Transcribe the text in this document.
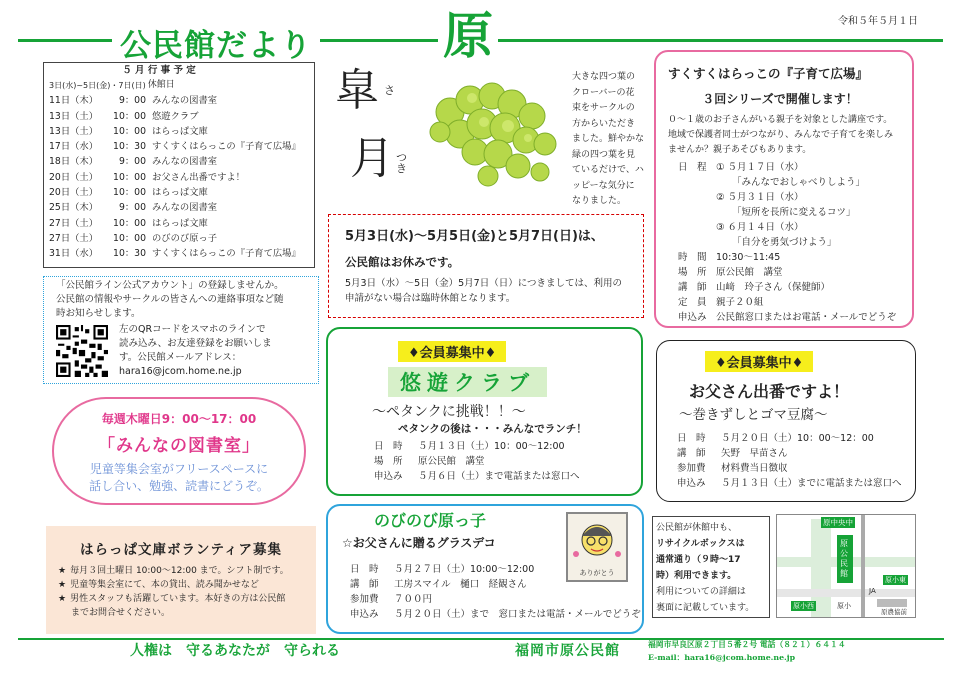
公民館だより	原	令和５年５月１日
５ 月 行 事 予 定
3日(水)~5日(金)・7日(日) 休館日
11日（木）	9：00 みんなの図書室
13日（土）	10：00 悠遊クラブ
13日（土）	10：00 はらっぱ文庫
17日（水）	10：30 すくすくはらっこの『子育て広場』
18日（木）	9：00 みんなの図書室
20日（土）	10：00 お父さん出番ですよ！
20日（土）	10：00 はらっぱ文庫
25日（木）	9：00 みんなの図書室
27日（土）	10：00 はらっぱ文庫
27日（土）	10：00 のびのび原っ子
31日（水）	10：30 すくすくはらっこの『子育て広場』
「公民館ライン公式アカウント」の登録しませんか。
公民館の情報やサークルの皆さんへの連絡事項など随
時お知らせします。
左のQRコードをスマホのラインで
読み込み、お友達登録をお願いしま
す。公民館メールアドレス：
hara16@jcom.home.ne.jp
毎週木曜日9：00～17：00
「みんなの図書室」
児童等集会室がフリースペースに
話し合い、勉強、読書にどうぞ。
はらっぱ文庫ボランティア募集
★ 毎月３回土曜日 10:00～12:00 まで。シフト制です。
★ 児童等集会室にて、本の貸出、読み聞かせなど
★ 男性スタッフも活躍しています。本好きの方は公民館
までお問合せください。
皐 さ
月 つき
大きな四つ葉の
クローバーの花
束をサークルの
方からいただき
ました。鮮やかな
緑の四つ葉を見
ているだけで、ハ
ッピーな気分に
なりました。
5月3日(水)～5月5日(金)と5月7日(日)は、
公民館はお休みです。
5月3日（水）～5日（金）5月7日（日）につきましては、利用の
申請がない場合は臨時休館となります。
すくすくはらっこの『子育て広場』
３回シリーズで開催します！
０～１歳のお子さんがいる親子を対象とした講座です。
地域で保護者同士がつながり、みんなで子育てを楽しみ
ませんか？親子あそびもあります。
日　程 ① ５月１７日（水）
「みんなでおしゃべりしよう」
② ５月３１日（水）
「短所を長所に変えるコツ」
③ ６月１４日（水）
「自分を勇気づけよう」
時　間 10:30～11:45
場　所 原公民館　講堂
講　師 山﨑　玲子さん（保健師）
定　員 親子２０組
申込み 公民館窓口またはお電話・メールでどうぞ
♦会員募集中♦
悠遊クラブ
～ペタンクに挑戦！！～
ペタンクの後は・・・みんなでランチ！
日　時	５月１３日（土）10：00～12:00
場　所	原公民館　講堂
申込み	５月６日（土）まで電話または窓口へ
♦会員募集中♦
お父さん出番ですよ！
～巻きずしとゴマ豆腐～
日　時	５月２０日（土）10：00～12：00
講　師	矢野　早苗さん
参加費	材料費当日徴収
申込み	５月１３日（土）までに電話または窓口へ
のびのび原っ子
☆お父さんに贈るグラスデコ
ありがとう
日　時	５月２７日（土）10:00～12:00
講　師	工房スマイル　樋口　経観さん
参加費	７００円
申込み	５月２０日（土）まで　窓口または電話・メールでどうぞ
公民館が休館中も、
リサイクルボックスは
通常通り（９時～17
時）利用できます。
利用についての詳細は
裏面に記載しています。
原中央中
原公民館
原小東
原小西	原小
JA
原農協前
人権は　守るあなたが　守られる	福岡市原公民館	福岡市早良区原２丁目５番２号 電話（８２１）６４１４
E-mail：hara16@jcom.home.ne.jp
